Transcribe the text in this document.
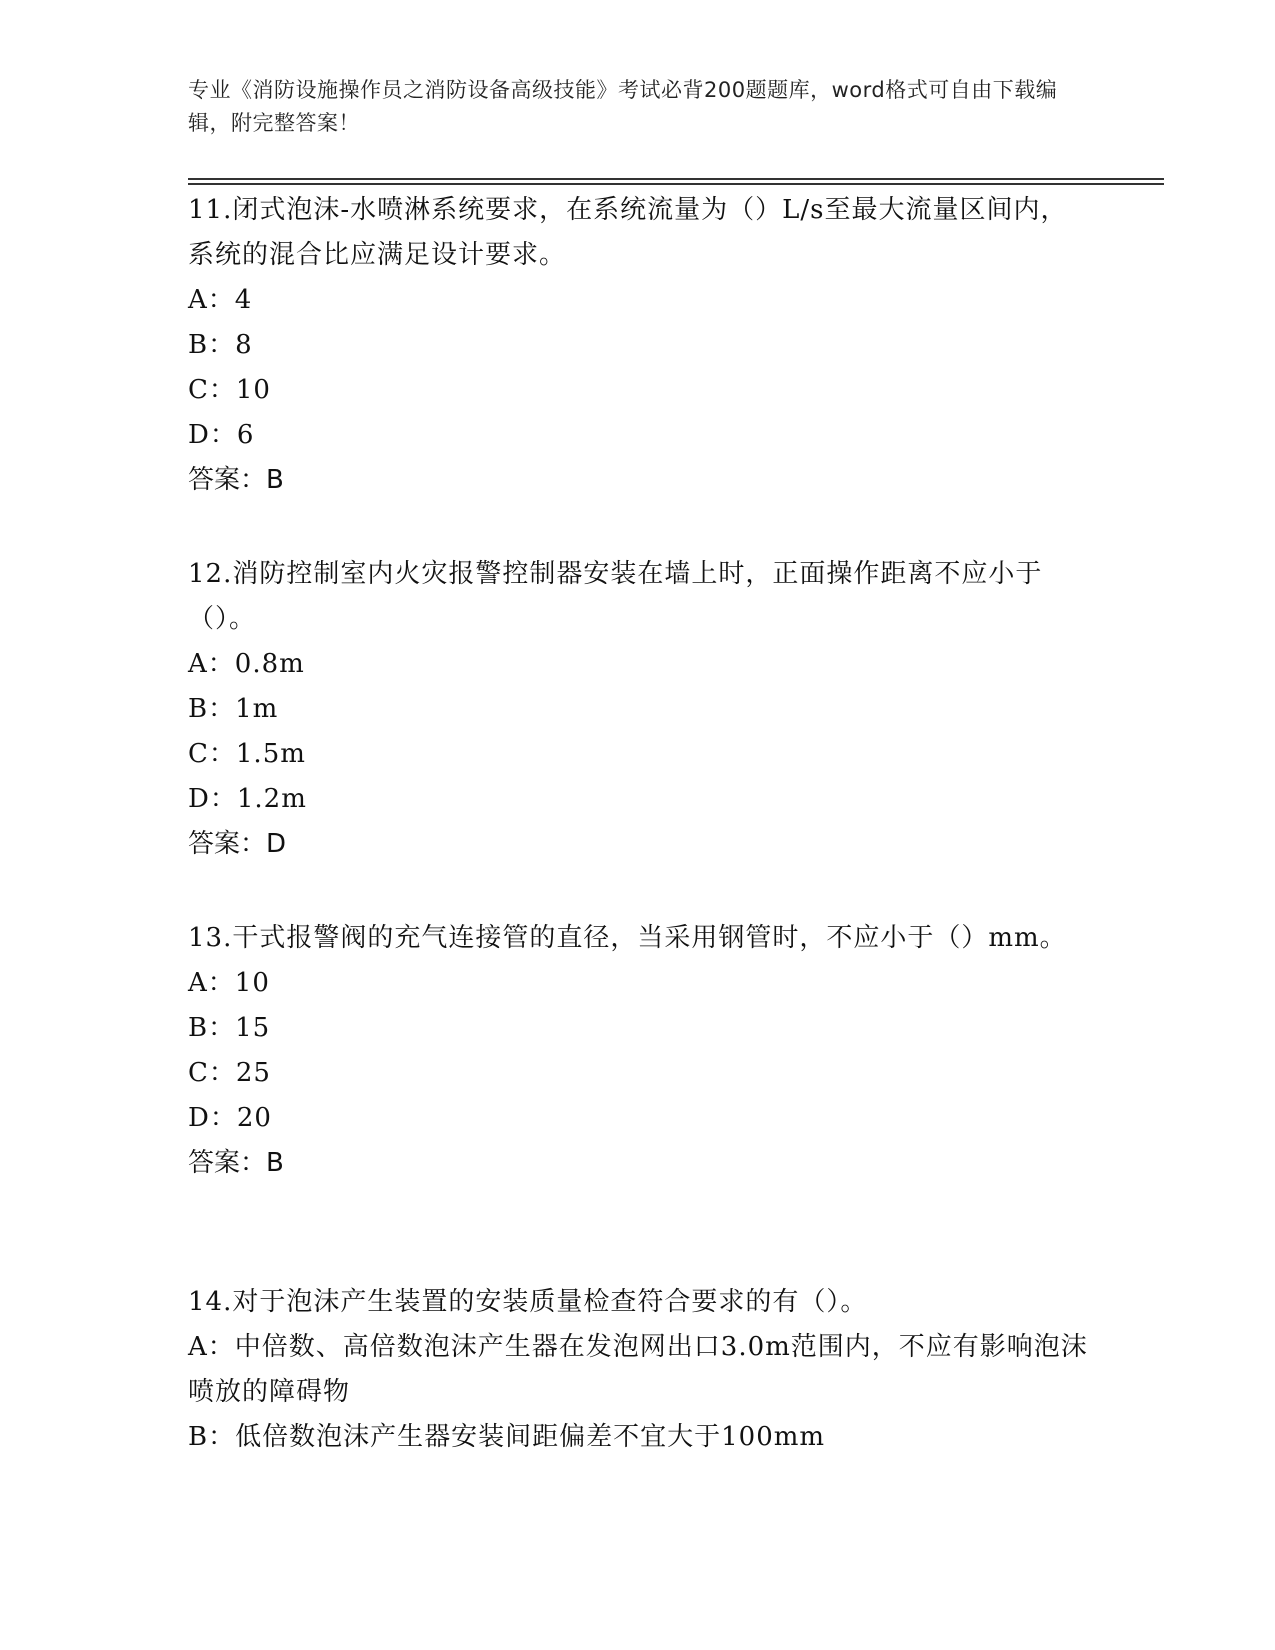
专业《消防设施操作员之消防设备高级技能》考试必背200题题库，word格式可自由下载编辑，附完整答案！

11.闭式泡沫-水喷淋系统要求，在系统流量为（）L/s至最大流量区间内，系统的混合比应满足设计要求。

A：4

B：8

C：10

D：6

答案：B

12.消防控制室内火灾报警控制器安装在墙上时，正面操作距离不应小于（）。

A：0.8m

B：1m

C：1.5m

D：1.2m

答案：D

13.干式报警阀的充气连接管的直径，当采用钢管时，不应小于（）mm。

A：10

B：15

C：25

D：20

答案：B

14.对于泡沫产生装置的安装质量检查符合要求的有（）。

A：中倍数、高倍数泡沫产生器在发泡网出口3.0m范围内，不应有影响泡沫喷放的障碍物

B：低倍数泡沫产生器安装间距偏差不宜大于100mm
